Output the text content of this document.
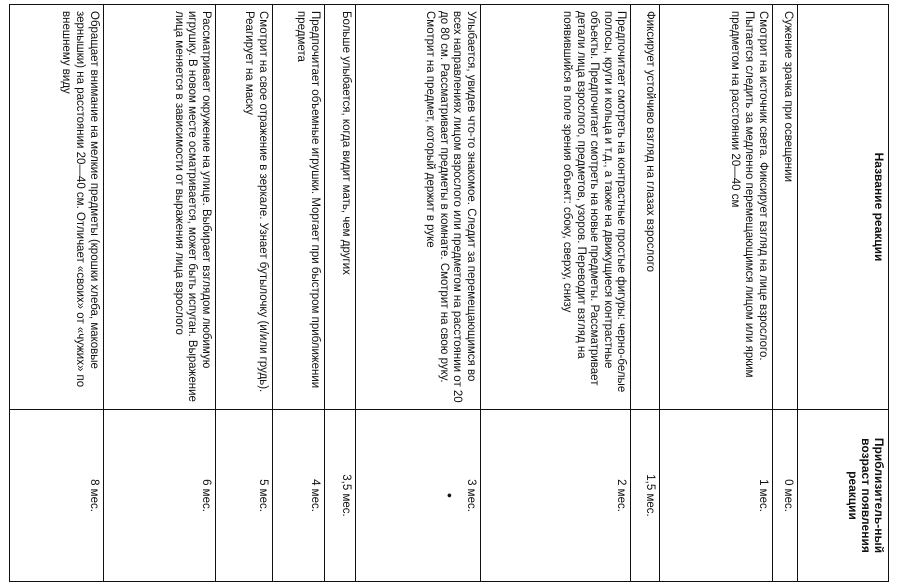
Название реакции	Приблизитель-ный возраст появления реакции
Сужение зрачка при освещении	0 мес.
Смотрит на источник света. Фиксирует взгляд на лице взрослого. Пытается следить за медленно перемещающимся лицом или ярким предметом на расстоянии 20—40 см	1 мес.
Фиксирует устойчиво взгляд на глазах взрослого	1,5 мес.
Предпочитает смотреть на контрастные простые фигуры: черно-белые полосы, круги и кольца и т.д., а также на движущиеся контрастные объекты. Предпочитает смотреть на новые предметы. Рассматривает детали лица взрослого, предметов, узоров. Переводит взгляд на появившийся в поле зрения объект: сбоку, сверху, снизу	2 мес.
Улыбается, увидев что-то знакомое. Следит за перемещающимся во всех направлениях лицом взрослого или предметом на расстоянии от 20 до 80 см. Рассматривает предметы в комнате. Смотрит на свою руку. Смотрит на предмет, который держит в руке	3 мес.
•

Больше улыбается, когда видит мать, чем других	3,5 мес.
Предпочитает объемные игрушки. Моргает при быстром приближении предмета	4 мес.
Смотрит на свое отражение в зеркале. Узнает бутылочку (и/или грудь). Реагирует на маску	5 мес.
Рассматривает окружение на улице. Выбирает взглядом любимую игрушку. В новом месте осматривается, может быть испуган. Выражение лица меняется в зависимости от выражения лица взрослого	6 мес.
Обращает внимание на мелкие предметы (крошки хлеба, маковые зернышки) на расстоянии 20—40 см. Отличает «своих» от «чужих» по внешнему виду	8 мес.
